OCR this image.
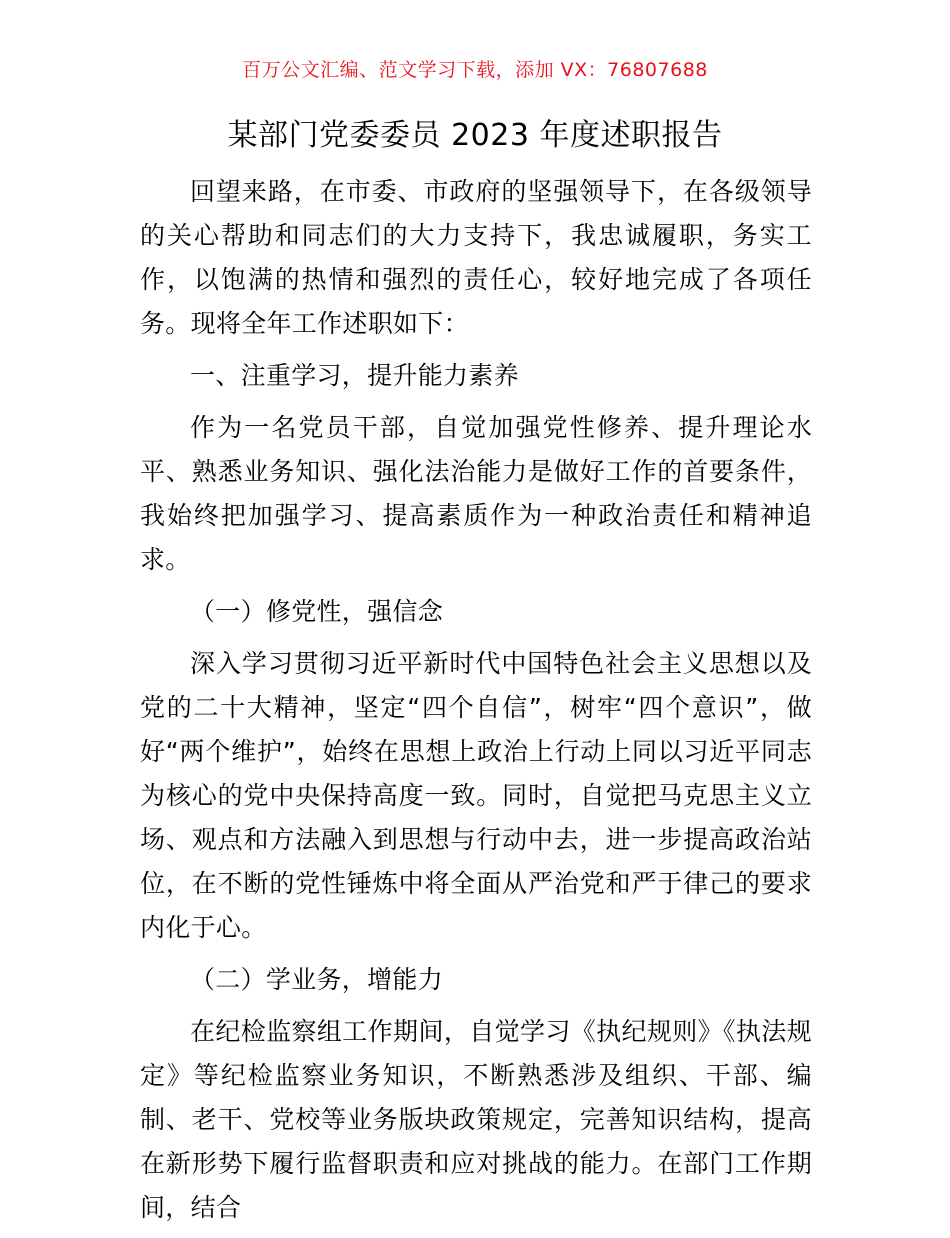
百万公文汇编、范文学习下载，添加 VX：76807688
某部门党委委员 2023 年度述职报告

回望来路，在市委、市政府的坚强领导下，在各级领导的关心帮助和同志们的大力支持下，我忠诚履职，务实工作，以饱满的热情和强烈的责任心，较好地完成了各项任务。现将全年工作述职如下：

一、注重学习，提升能力素养

作为一名党员干部，自觉加强党性修养、提升理论水平、熟悉业务知识、强化法治能力是做好工作的首要条件，我始终把加强学习、提高素质作为一种政治责任和精神追求。

（一）修党性，强信念

深入学习贯彻习近平新时代中国特色社会主义思想以及党的二十大精神，坚定“四个自信”，树牢“四个意识”，做好“两个维护”，始终在思想上政治上行动上同以习近平同志为核心的党中央保持高度一致。同时，自觉把马克思主义立场、观点和方法融入到思想与行动中去，进一步提高政治站位，在不断的党性锤炼中将全面从严治党和严于律己的要求内化于心。

（二）学业务，增能力

在纪检监察组工作期间，自觉学习《执纪规则》《执法规定》等纪检监察业务知识，不断熟悉涉及组织、干部、编制、老干、党校等业务版块政策规定，完善知识结构，提高在新形势下履行监督职责和应对挑战的能力。在部门工作期间，结合
